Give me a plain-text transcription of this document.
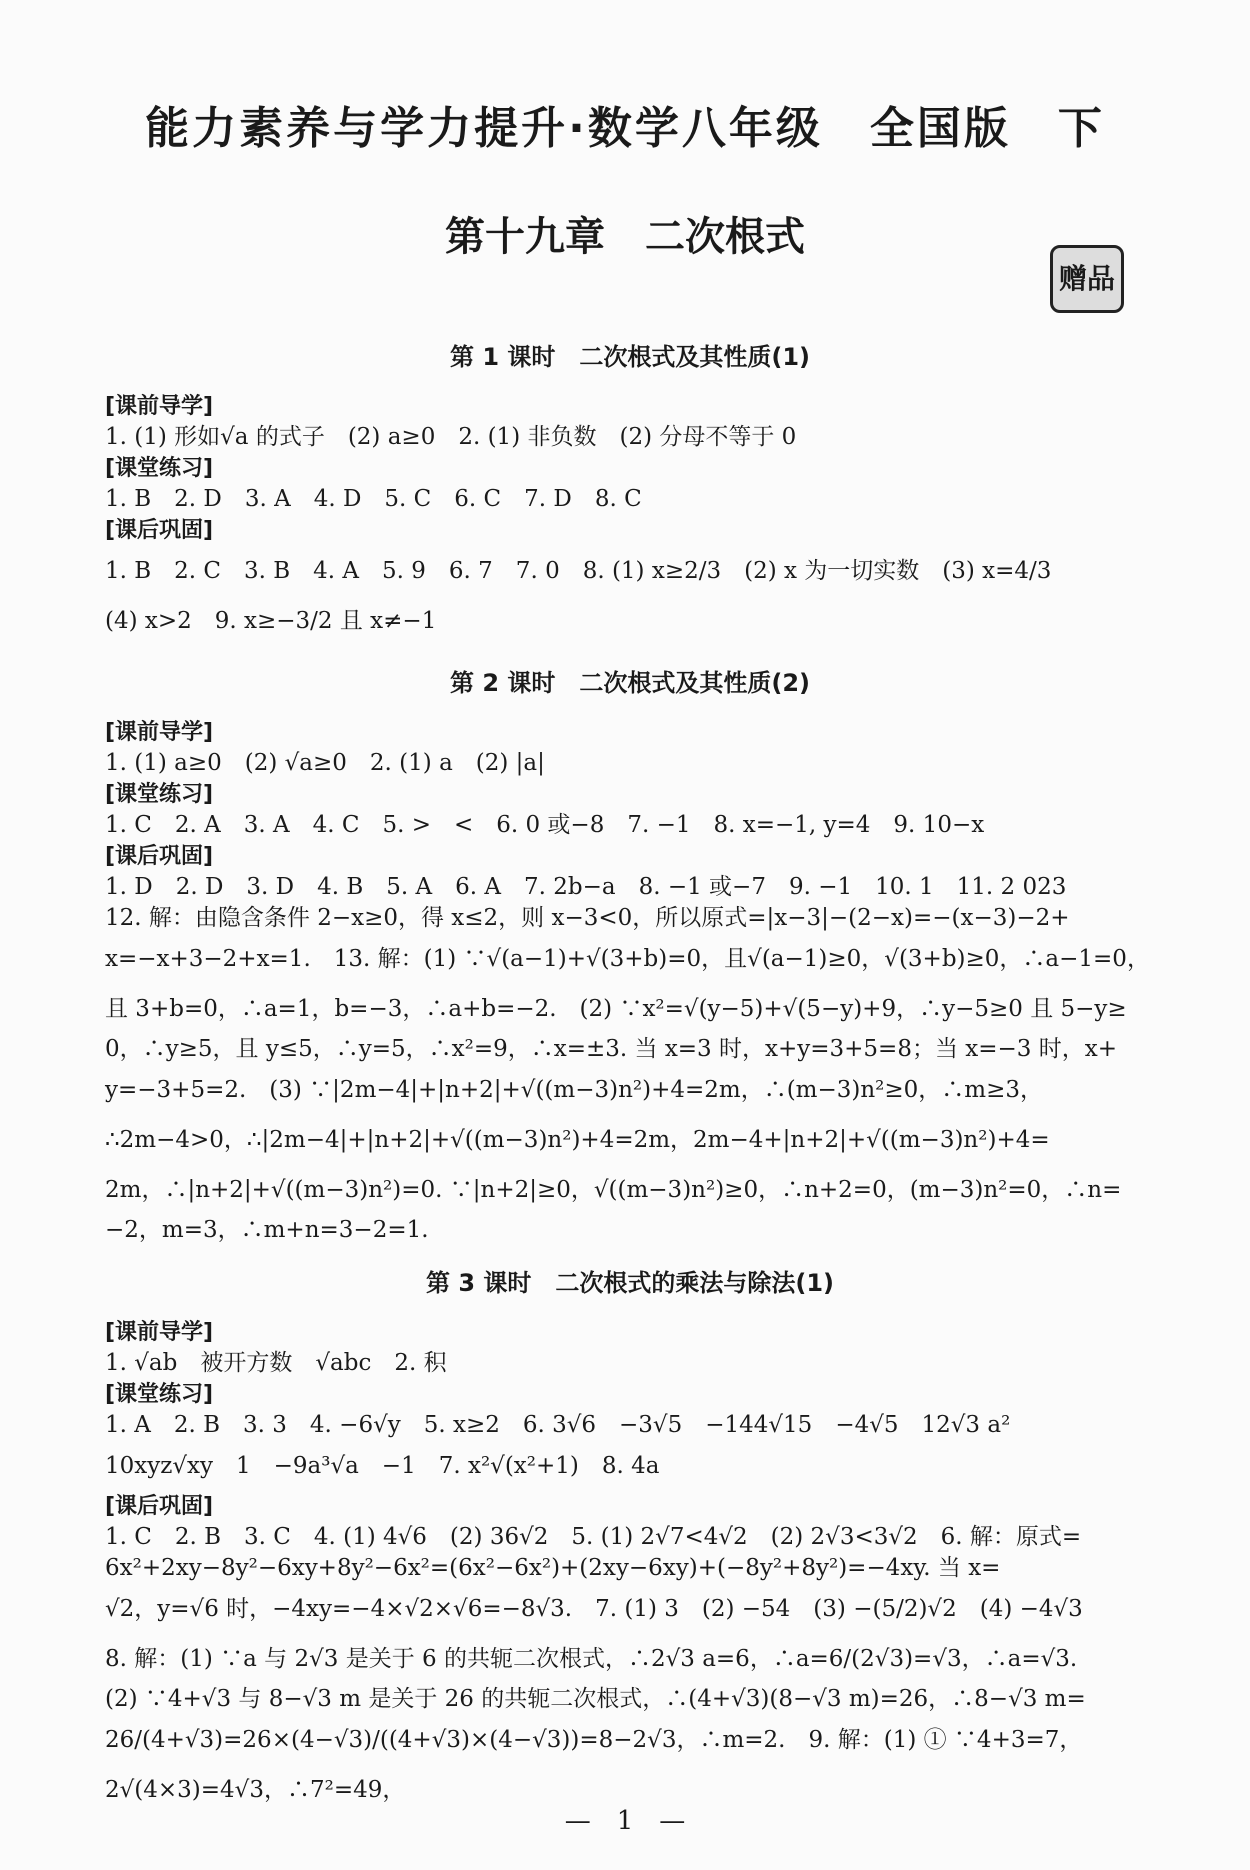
能力素养与学力提升·数学八年级　全国版　下
第十九章　二次根式
赠品
第 1 课时　二次根式及其性质(1)
[课前导学]
1. (1) 形如√a 的式子　(2) a≥0　2. (1) 非负数　(2) 分母不等于 0
[课堂练习]
1. B　2. D　3. A　4. D　5. C　6. C　7. D　8. C
[课后巩固]
1. B　2. C　3. B　4. A　5. 9　6. 7　7. 0　8. (1) x≥2/3　(2) x 为一切实数　(3) x=4/3
(4) x>2　9. x≥−3/2 且 x≠−1
第 2 课时　二次根式及其性质(2)
[课前导学]
1. (1) a≥0　(2) √a≥0　2. (1) a　(2) |a|
[课堂练习]
1. C　2. A　3. A　4. C　5. >　<　6. 0 或−8　7. −1　8. x=−1, y=4　9. 10−x
[课后巩固]
1. D　2. D　3. D　4. B　5. A　6. A　7. 2b−a　8. −1 或−7　9. −1　10. 1　11. 2 023
12. 解：由隐含条件 2−x≥0，得 x≤2，则 x−3<0，所以原式=|x−3|−(2−x)=−(x−3)−2+
x=−x+3−2+x=1.　13. 解：(1) ∵√(a−1)+√(3+b)=0，且√(a−1)≥0，√(3+b)≥0，∴a−1=0，
且 3+b=0，∴a=1，b=−3，∴a+b=−2.　(2) ∵x²=√(y−5)+√(5−y)+9，∴y−5≥0 且 5−y≥
0，∴y≥5，且 y≤5，∴y=5，∴x²=9，∴x=±3. 当 x=3 时，x+y=3+5=8；当 x=−3 时，x+
y=−3+5=2.　(3) ∵|2m−4|+|n+2|+√((m−3)n²)+4=2m，∴(m−3)n²≥0，∴m≥3，
∴2m−4>0，∴|2m−4|+|n+2|+√((m−3)n²)+4=2m，2m−4+|n+2|+√((m−3)n²)+4=
2m，∴|n+2|+√((m−3)n²)=0. ∵|n+2|≥0，√((m−3)n²)≥0，∴n+2=0，(m−3)n²=0，∴n=
−2，m=3，∴m+n=3−2=1.
第 3 课时　二次根式的乘法与除法(1)
[课前导学]
1. √ab　被开方数　√abc　2. 积
[课堂练习]
1. A　2. B　3. 3　4. −6√y　5. x≥2　6. 3√6　−3√5　−144√15　−4√5　12√3 a²
10xyz√xy　1　−9a³√a　−1　7. x²√(x²+1)　8. 4a
[课后巩固]
1. C　2. B　3. C　4. (1) 4√6　(2) 36√2　5. (1) 2√7<4√2　(2) 2√3<3√2　6. 解：原式=
6x²+2xy−8y²−6xy+8y²−6x²=(6x²−6x²)+(2xy−6xy)+(−8y²+8y²)=−4xy. 当 x=
√2，y=√6 时，−4xy=−4×√2×√6=−8√3.　7. (1) 3　(2) −54　(3) −(5/2)√2　(4) −4√3
8. 解：(1) ∵a 与 2√3 是关于 6 的共轭二次根式，∴2√3 a=6，∴a=6/(2√3)=√3，∴a=√3.
(2) ∵4+√3 与 8−√3 m 是关于 26 的共轭二次根式，∴(4+√3)(8−√3 m)=26，∴8−√3 m=
26/(4+√3)=26×(4−√3)/((4+√3)×(4−√3))=8−2√3，∴m=2.　9. 解：(1) ① ∵4+3=7，2√(4×3)=4√3，∴7²=49，
—　1　—
